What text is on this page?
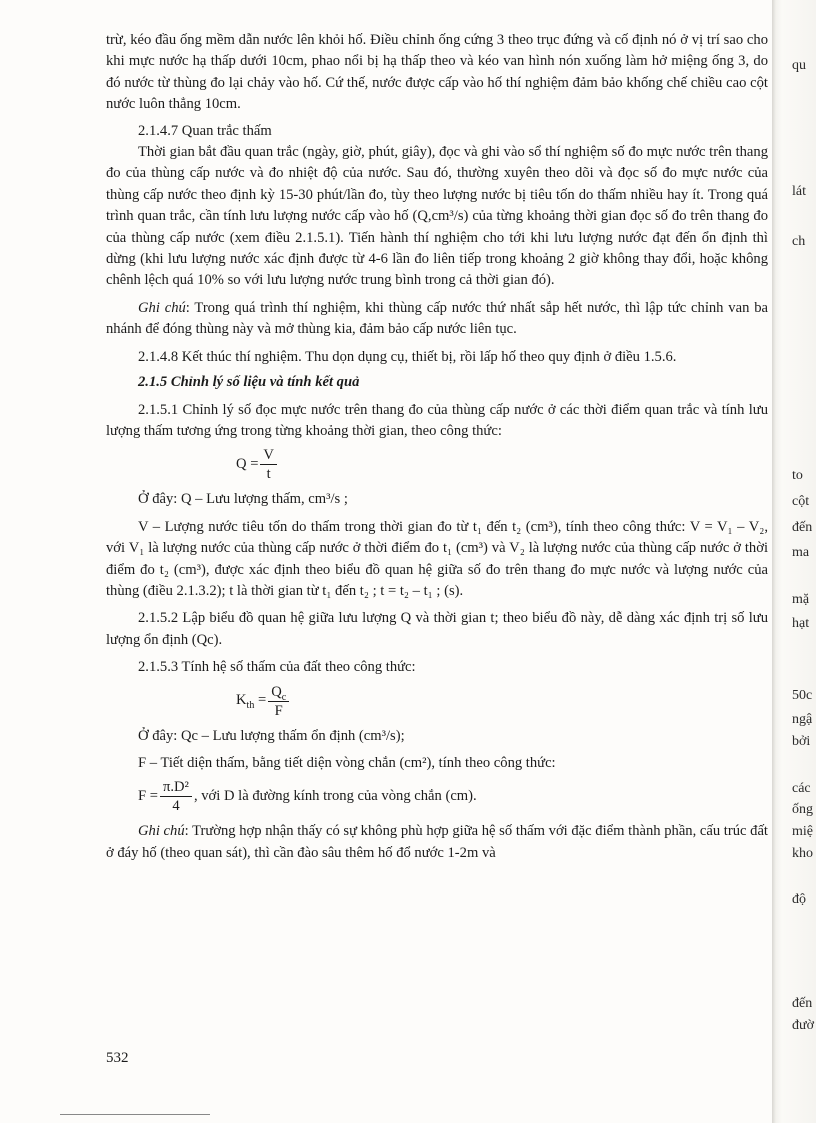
trừ, kéo đầu ống mềm dẫn nước lên khỏi hố. Điều chỉnh ống cứng 3 theo trục đứng và cố định nó ở vị trí sao cho khi mực nước hạ thấp dưới 10cm, phao nổi bị hạ thấp theo và kéo van hình nón xuống làm hở miệng ống 3, do đó nước từ thùng đo lại chảy vào hố. Cứ thế, nước được cấp vào hố thí nghiệm đảm bảo khống chế chiều cao cột nước luôn thẳng 10cm.

2.1.4.7 Quan trắc thấm

Thời gian bắt đầu quan trắc (ngày, giờ, phút, giây), đọc và ghi vào sổ thí nghiệm số đo mực nước trên thang đo của thùng cấp nước và đo nhiệt độ của nước. Sau đó, thường xuyên theo dõi và đọc số đo mực nước của thùng cấp nước theo định kỳ 15-30 phút/lần đo, tùy theo lượng nước bị tiêu tốn do thấm nhiều hay ít. Trong quá trình quan trắc, cần tính lưu lượng nước cấp vào hố (Q,cm³/s) của từng khoảng thời gian đọc số đo trên thang đo của thùng cấp nước (xem điều 2.1.5.1). Tiến hành thí nghiệm cho tới khi lưu lượng nước đạt đến ổn định thì dừng (khi lưu lượng nước xác định được từ 4-6 lần đo liên tiếp trong khoảng 2 giờ không thay đổi, hoặc không chênh lệch quá 10% so với lưu lượng nước trung bình trong cả thời gian đó).

Ghi chú: Trong quá trình thí nghiệm, khi thùng cấp nước thứ nhất sắp hết nước, thì lập tức chỉnh van ba nhánh để đóng thùng này và mở thùng kia, đảm bảo cấp nước liên tục.

2.1.4.8 Kết thúc thí nghiệm. Thu dọn dụng cụ, thiết bị, rồi lấp hố theo quy định ở điều 1.5.6.

2.1.5 Chỉnh lý số liệu và tính kết quả

2.1.5.1 Chỉnh lý số đọc mực nước trên thang đo của thùng cấp nước ở các thời điểm quan trắc và tính lưu lượng thấm tương ứng trong từng khoảng thời gian, theo công thức:

$Q = \frac{V}{t}$

Ở đây: Q – Lưu lượng thấm, cm³/s ;

V – Lượng nước tiêu tốn do thấm trong thời gian đo từ t₁ đến t₂ (cm³), tính theo công thức: V = V₁ – V₂, với V₁ là lượng nước của thùng cấp nước ở thời điểm đo t₁ (cm³) và V₂ là lượng nước của thùng cấp nước ở thời điểm đo t₂ (cm³), được xác định theo biểu đồ quan hệ giữa số đo trên thang đo mực nước và lượng nước của thùng (điều 2.1.3.2); t là thời gian từ t₁ đến t₂ ; t = t₂ – t₁ ; (s).

2.1.5.2 Lập biểu đồ quan hệ giữa lưu lượng Q và thời gian t; theo biểu đồ này, dễ dàng xác định trị số lưu lượng ổn định (Qc).

2.1.5.3 Tính hệ số thấm của đất theo công thức:

$K_{th} = \frac{Q_c}{F}$

Ở đây: Qc – Lưu lượng thấm ổn định (cm³/s);

F – Tiết diện thấm, bằng tiết diện vòng chắn (cm²), tính theo công thức:

$F = \frac{\text{π.D²}}{4}$ , với D là đường kính trong của vòng chắn (cm).

Ghi chú: Trường hợp nhận thấy có sự không phù hợp giữa hệ số thấm với đặc điểm thành phần, cấu trúc đất ở đáy hố (theo quan sát), thì cần đào sâu thêm hố đổ nước 1-2m và

532
qu
lát
ch
to
cột
đến
ma
mặ
hạt
50c
ngậ
bởi
các
ống
miệ
kho
độ
đến
đườ
